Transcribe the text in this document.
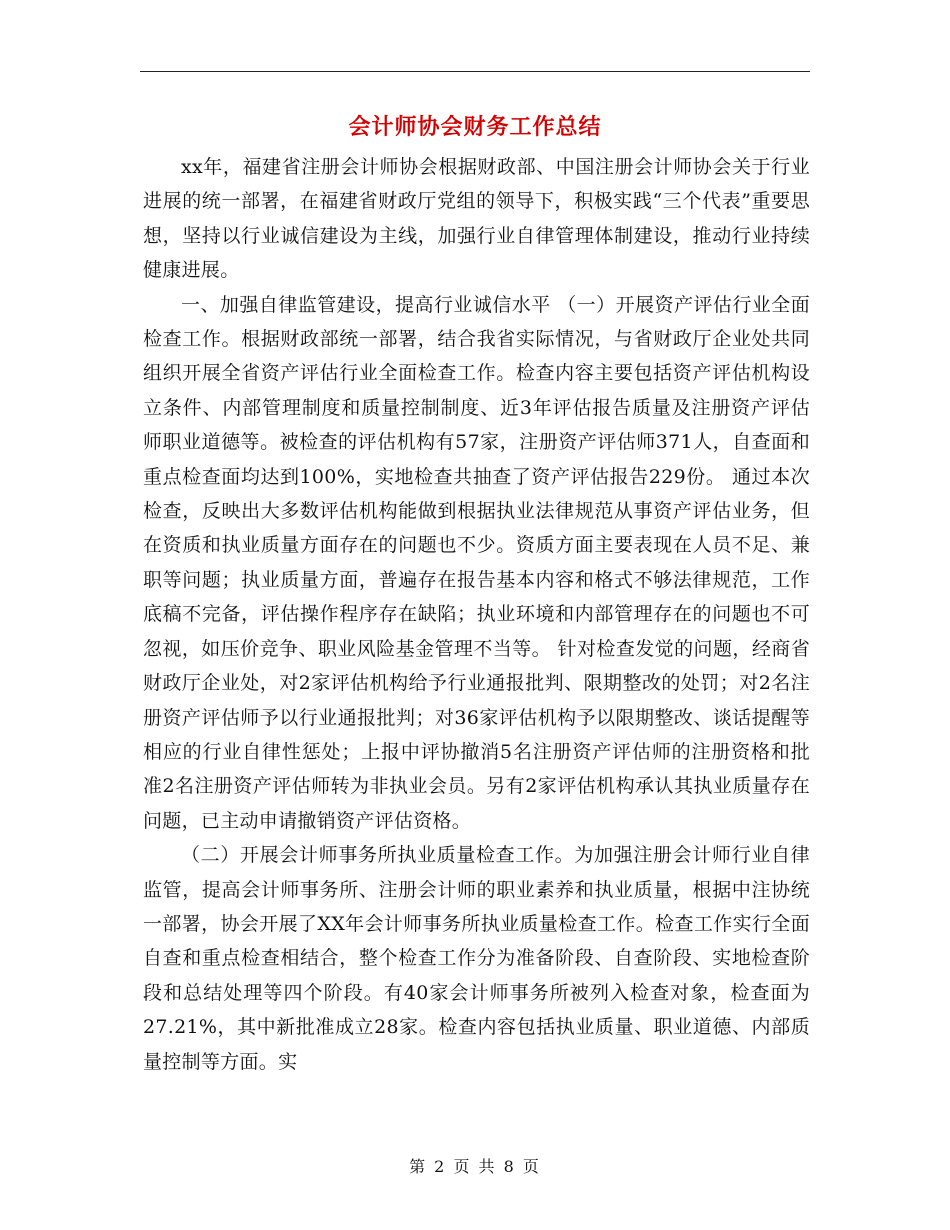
会计师协会财务工作总结

xx年，福建省注册会计师协会根据财政部、中国注册会计师协会关于行业进展的统一部署，在福建省财政厅党组的领导下，积极实践“三个代表”重要思想，坚持以行业诚信建设为主线，加强行业自律管理体制建设，推动行业持续健康进展。

一、加强自律监管建设，提高行业诚信水平 （一）开展资产评估行业全面检查工作。根据财政部统一部署，结合我省实际情况，与省财政厅企业处共同组织开展全省资产评估行业全面检查工作。检查内容主要包括资产评估机构设立条件、内部管理制度和质量控制制度、近3年评估报告质量及注册资产评估师职业道德等。被检查的评估机构有57家，注册资产评估师371人，自查面和重点检查面均达到100%，实地检查共抽查了资产评估报告229份。 通过本次检查，反映出大多数评估机构能做到根据执业法律规范从事资产评估业务，但在资质和执业质量方面存在的问题也不少。资质方面主要表现在人员不足、兼职等问题；执业质量方面，普遍存在报告基本内容和格式不够法律规范，工作底稿不完备，评估操作程序存在缺陷；执业环境和内部管理存在的问题也不可忽视，如压价竞争、职业风险基金管理不当等。 针对检查发觉的问题，经商省财政厅企业处，对2家评估机构给予行业通报批判、限期整改的处罚；对2名注册资产评估师予以行业通报批判；对36家评估机构予以限期整改、谈话提醒等相应的行业自律性惩处；上报中评协撤消5名注册资产评估师的注册资格和批准2名注册资产评估师转为非执业会员。另有2家评估机构承认其执业质量存在问题，已主动申请撤销资产评估资格。

（二）开展会计师事务所执业质量检查工作。为加强注册会计师行业自律监管，提高会计师事务所、注册会计师的职业素养和执业质量，根据中注协统一部署，协会开展了XX年会计师事务所执业质量检查工作。检查工作实行全面自查和重点检查相结合，整个检查工作分为准备阶段、自查阶段、实地检查阶段和总结处理等四个阶段。有40家会计师事务所被列入检查对象，检查面为27.21%，其中新批准成立28家。检查内容包括执业质量、职业道德、内部质量控制等方面。实

第 2 页 共 8 页
